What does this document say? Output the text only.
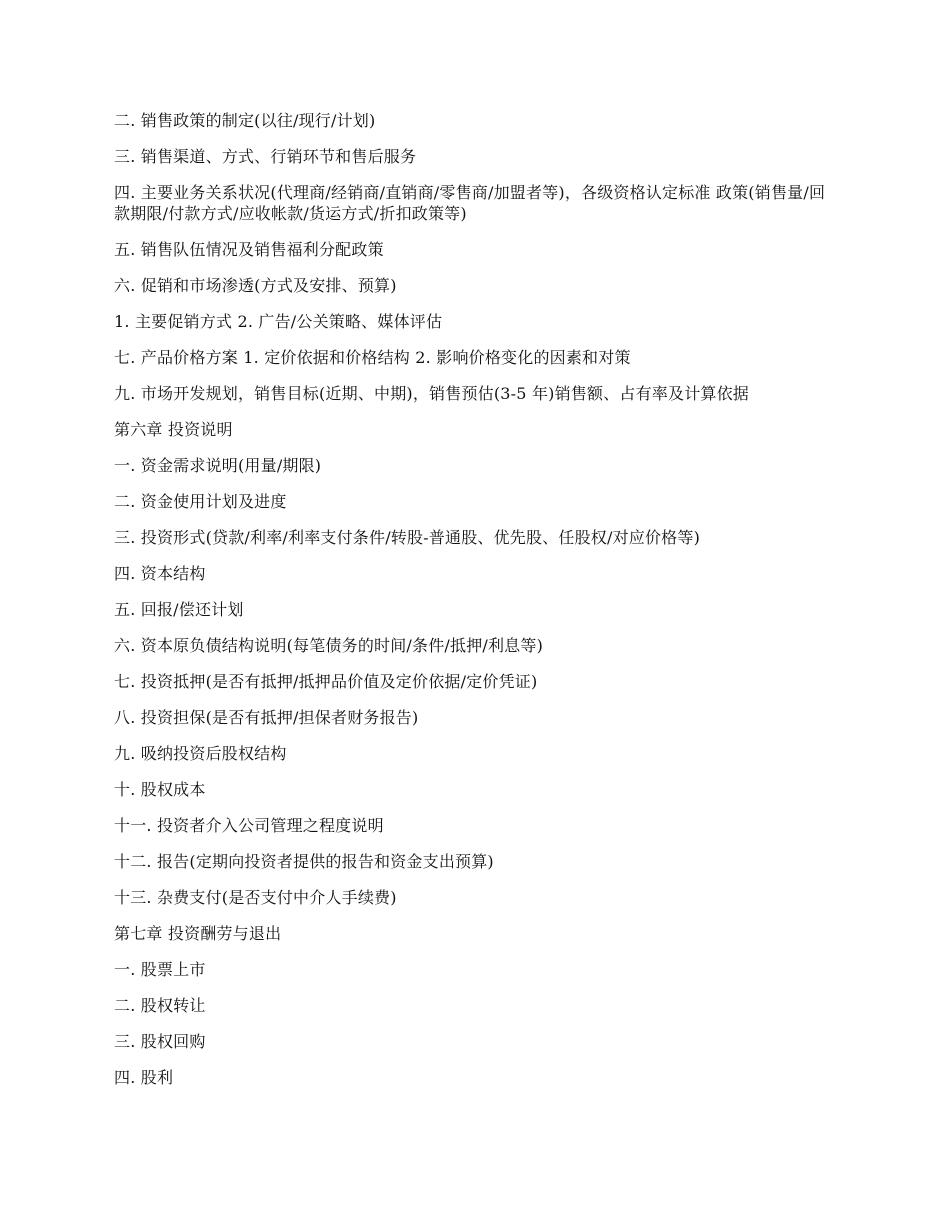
二. 销售政策的制定(以往/现行/计划)

三. 销售渠道、方式、行销环节和售后服务

四. 主要业务关系状况(代理商/经销商/直销商/零售商/加盟者等)，各级资格认定标准 政策(销售量/回款期限/付款方式/应收帐款/货运方式/折扣政策等)

五. 销售队伍情况及销售福利分配政策

六. 促销和市场渗透(方式及安排、预算)

1. 主要促销方式 2. 广告/公关策略、媒体评估

七. 产品价格方案 1. 定价依据和价格结构 2. 影响价格变化的因素和对策

九. 市场开发规划，销售目标(近期、中期)，销售预估(3-5 年)销售额、占有率及计算依据

第六章 投资说明

一. 资金需求说明(用量/期限)

二. 资金使用计划及进度

三. 投资形式(贷款/利率/利率支付条件/转股-普通股、优先股、任股权/对应价格等)

四. 资本结构

五. 回报/偿还计划

六. 资本原负债结构说明(每笔债务的时间/条件/抵押/利息等)

七. 投资抵押(是否有抵押/抵押品价值及定价依据/定价凭证)

八. 投资担保(是否有抵押/担保者财务报告)

九. 吸纳投资后股权结构

十. 股权成本

十一. 投资者介入公司管理之程度说明

十二. 报告(定期向投资者提供的报告和资金支出预算)

十三. 杂费支付(是否支付中介人手续费)

第七章 投资酬劳与退出

一. 股票上市

二. 股权转让

三. 股权回购

四. 股利
